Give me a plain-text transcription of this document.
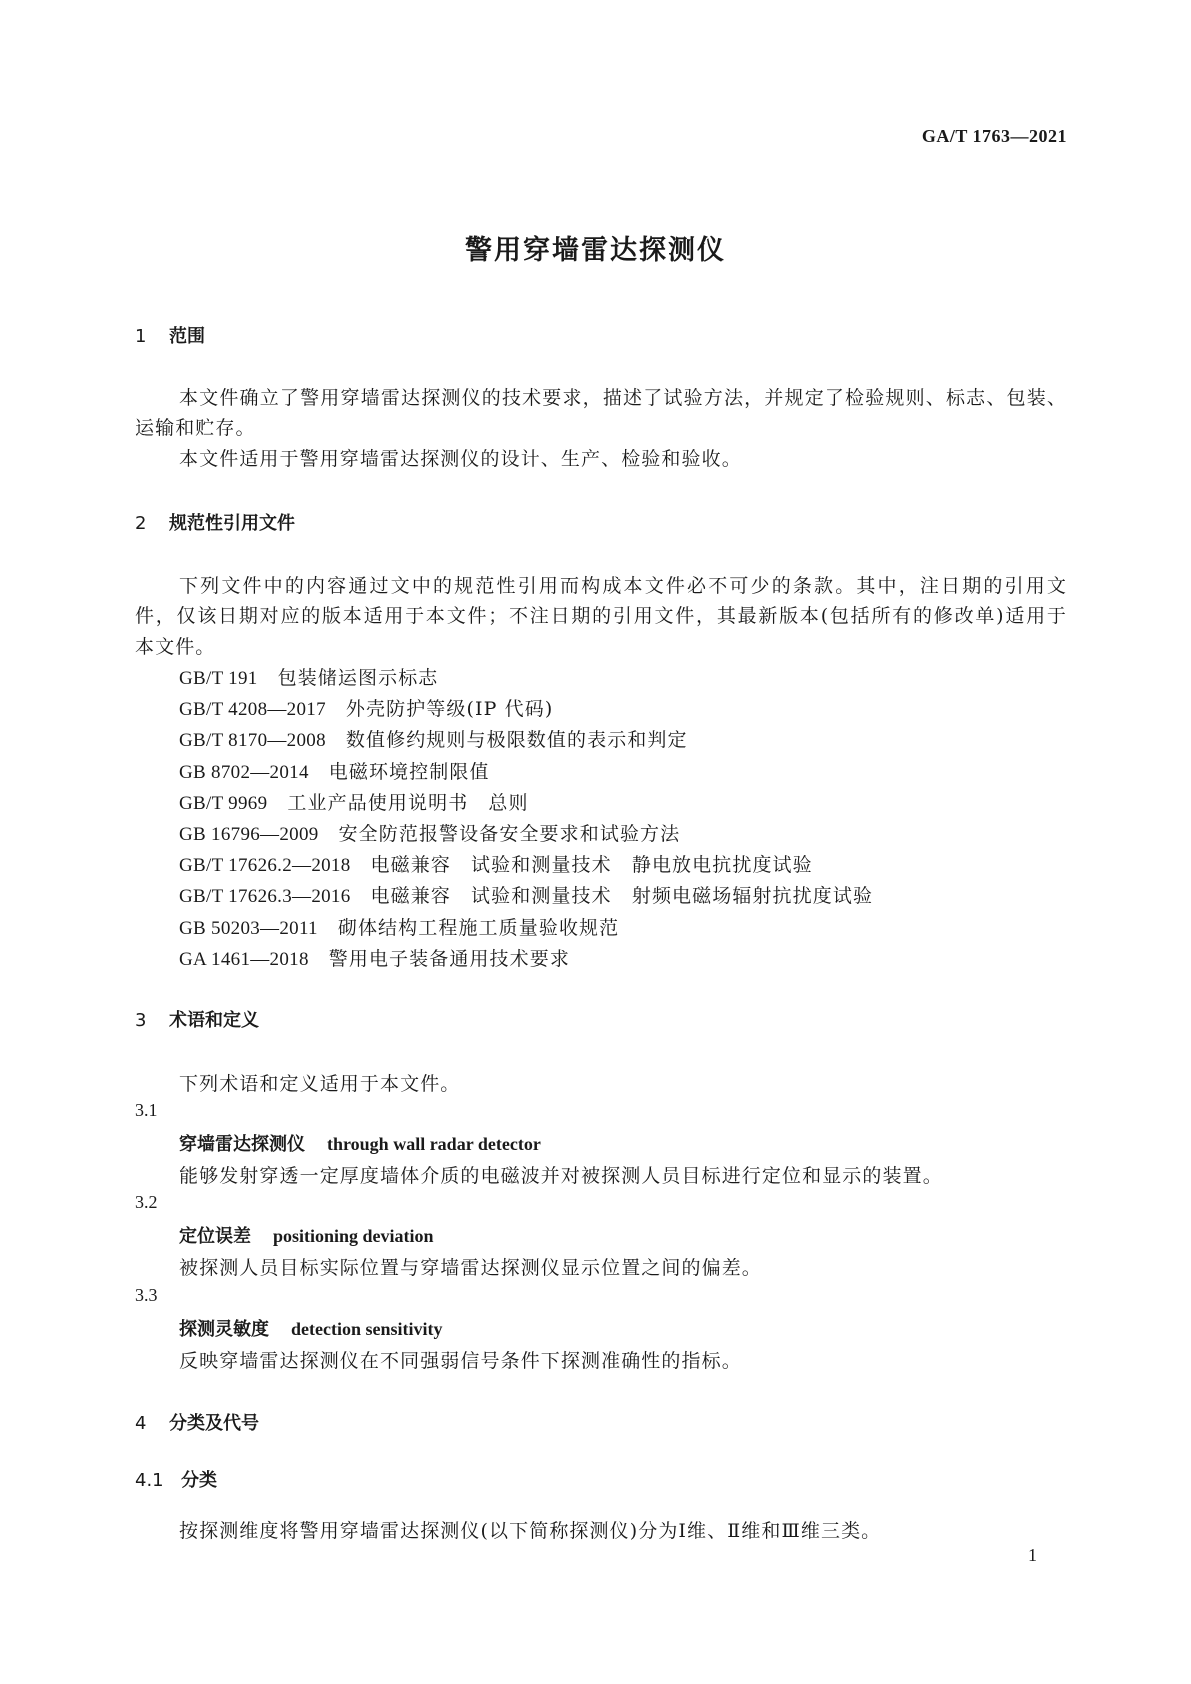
GA/T 1763—2021
警用穿墙雷达探测仪
1 范围
本文件确立了警用穿墙雷达探测仪的技术要求，描述了试验方法，并规定了检验规则、标志、包装、
运输和贮存。
本文件适用于警用穿墙雷达探测仪的设计、生产、检验和验收。
2 规范性引用文件
下列文件中的内容通过文中的规范性引用而构成本文件必不可少的条款。其中，注日期的引用文
件，仅该日期对应的版本适用于本文件；不注日期的引用文件，其最新版本(包括所有的修改单)适用于
本文件。
GB/T 191 包装储运图示标志
GB/T 4208—2017 外壳防护等级(IP 代码)
GB/T 8170—2008 数值修约规则与极限数值的表示和判定
GB 8702—2014 电磁环境控制限值
GB/T 9969 工业产品使用说明书　总则
GB 16796—2009 安全防范报警设备安全要求和试验方法
GB/T 17626.2—2018 电磁兼容　试验和测量技术　静电放电抗扰度试验
GB/T 17626.3—2016 电磁兼容　试验和测量技术　射频电磁场辐射抗扰度试验
GB 50203—2011 砌体结构工程施工质量验收规范
GA 1461—2018 警用电子装备通用技术要求
3 术语和定义
下列术语和定义适用于本文件。
3.1
穿墙雷达探测仪 through wall radar detector
能够发射穿透一定厚度墙体介质的电磁波并对被探测人员目标进行定位和显示的装置。
3.2
定位误差 positioning deviation
被探测人员目标实际位置与穿墙雷达探测仪显示位置之间的偏差。
3.3
探测灵敏度 detection sensitivity
反映穿墙雷达探测仪在不同强弱信号条件下探测准确性的指标。
4 分类及代号
4.1 分类
按探测维度将警用穿墙雷达探测仪(以下简称探测仪)分为Ⅰ维、Ⅱ维和Ⅲ维三类。
1
